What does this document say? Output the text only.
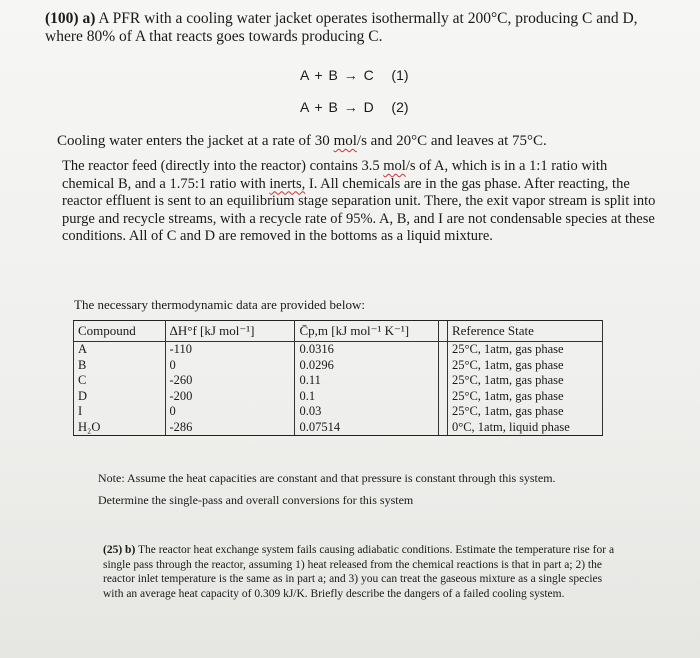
(100) a) A PFR with a cooling water jacket operates isothermally at 200°C, producing C and D, where 80% of A that reacts goes towards producing C.

A + B → C (1)

A + B → D (2)

Cooling water enters the jacket at a rate of 30 mol/s and 20°C and leaves at 75°C.

The reactor feed (directly into the reactor) contains 3.5 mol/s of A, which is in a 1:1 ratio with chemical B, and a 1.75:1 ratio with inerts, I. All chemicals are in the gas phase. After reacting, the reactor effluent is sent to an equilibrium stage separation unit. There, the exit vapor stream is split into purge and recycle streams, with a recycle rate of 95%. A, B, and I are not condensable species at these conditions. All of C and D are removed in the bottoms as a liquid mixture.

The necessary thermodynamic data are provided below:

Compound	ΔH°f [kJ mol⁻¹]	C̄p,m [kJ mol⁻¹ K⁻¹]		Reference State
A	-110	0.0316		25°C, 1atm, gas phase
B	0	0.0296		25°C, 1atm, gas phase
C	-260	0.11		25°C, 1atm, gas phase
D	-200	0.1		25°C, 1atm, gas phase
I	0	0.03		25°C, 1atm, gas phase
H₂O	-286	0.07514		0°C, 1atm, liquid phase

Note: Assume the heat capacities are constant and that pressure is constant through this system.

Determine the single-pass and overall conversions for this system

(25) b) The reactor heat exchange system fails causing adiabatic conditions. Estimate the temperature rise for a single pass through the reactor, assuming 1) heat released from the chemical reactions is that in part a; 2) the reactor inlet temperature is the same as in part a; and 3) you can treat the gaseous mixture as a single species with an average heat capacity of 0.309 kJ/K. Briefly describe the dangers of a failed cooling system.
